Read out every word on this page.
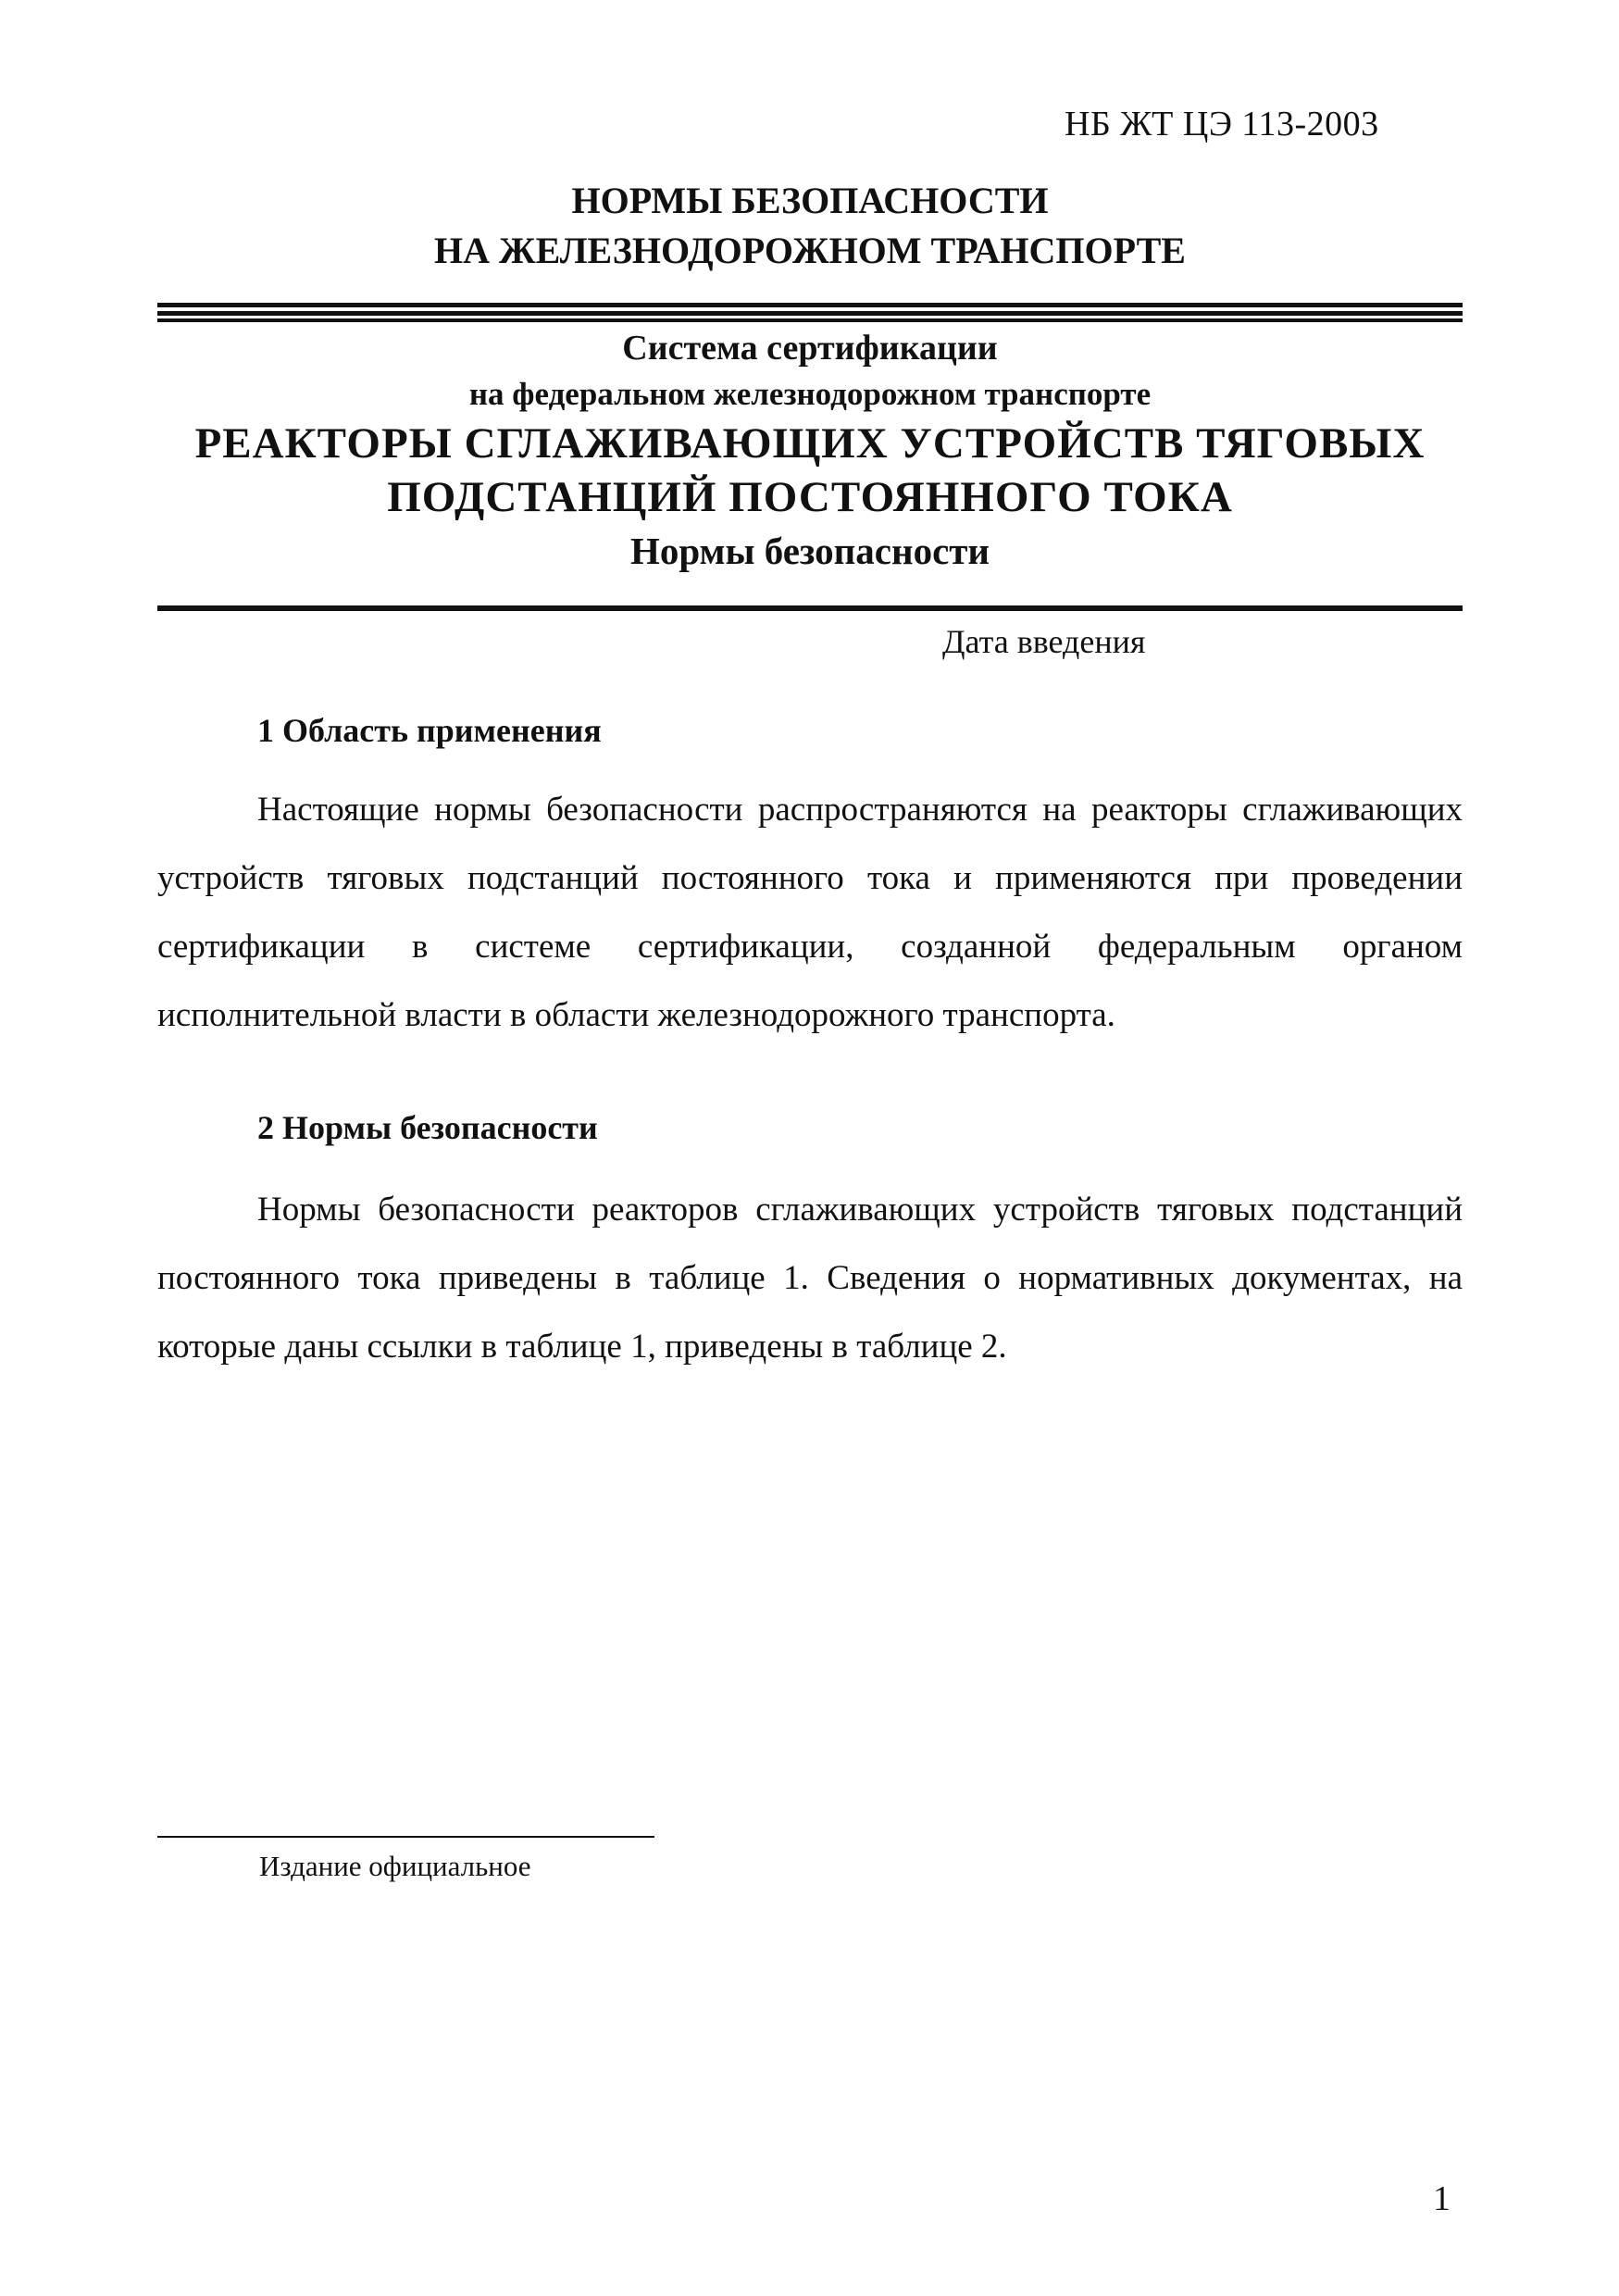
НБ ЖТ ЦЭ 113-2003
НОРМЫ БЕЗОПАСНОСТИ
НА ЖЕЛЕЗНОДОРОЖНОМ ТРАНСПОРТЕ
Система сертификации
на федеральном железнодорожном транспорте
РЕАКТОРЫ СГЛАЖИВАЮЩИХ УСТРОЙСТВ ТЯГОВЫХ
ПОДСТАНЦИЙ ПОСТОЯННОГО ТОКА
Нормы безопасности
Дата введения
1 Область применения
Настоящие нормы безопасности распространяются на реакторы сглаживающих устройств тяговых подстанций постоянного тока и применяются при проведении сертификации в системе сертификации, созданной федеральным органом исполнительной власти в области железнодорожного транспорта.
2 Нормы безопасности
Нормы безопасности реакторов сглаживающих устройств тяговых подстанций постоянного тока приведены в таблице 1. Сведения о нормативных документах, на которые даны ссылки в таблице 1, приведены в таблице 2.
Издание официальное
1
